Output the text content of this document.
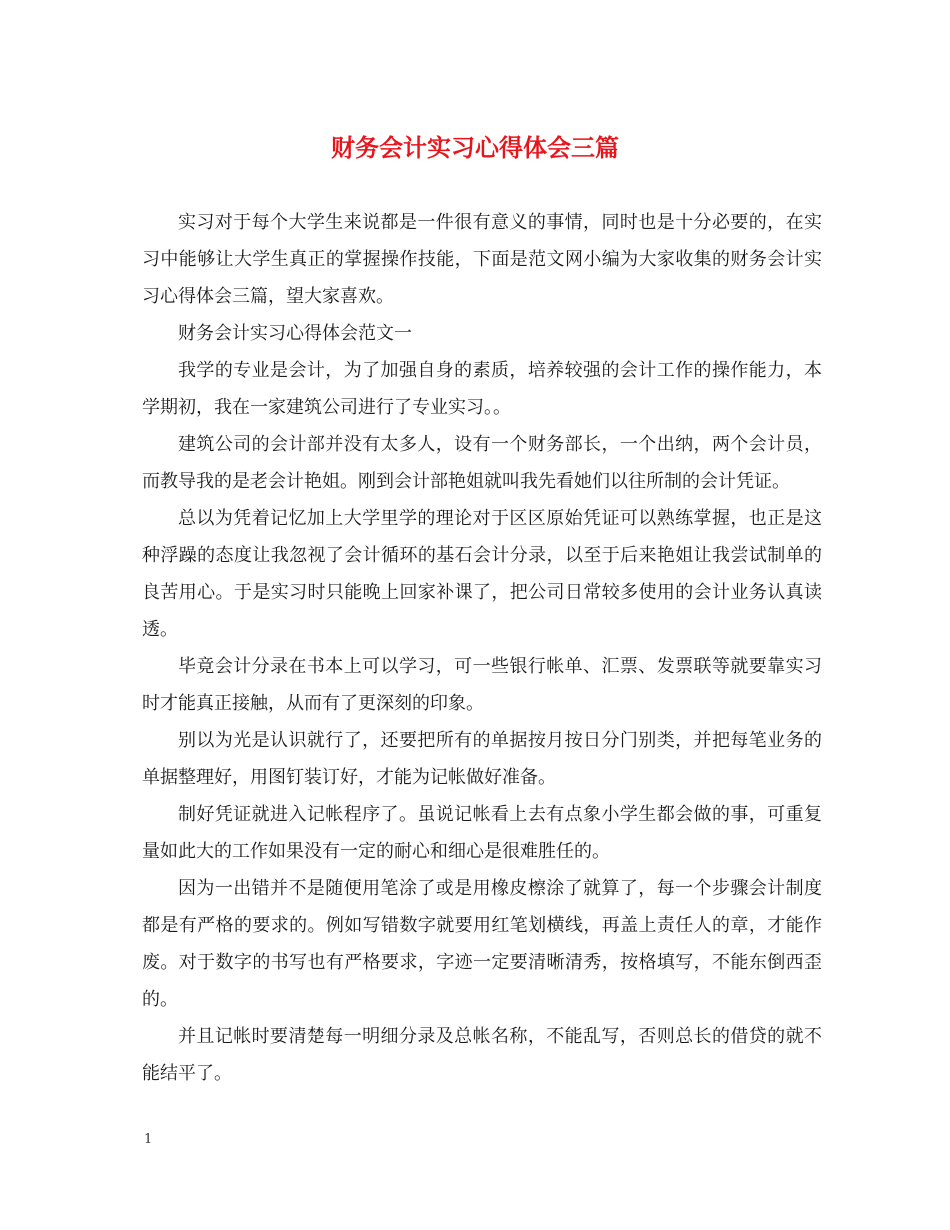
财务会计实习心得体会三篇

实习对于每个大学生来说都是一件很有意义的事情，同时也是十分必要的，在实习中能够让大学生真正的掌握操作技能，下面是范文网小编为大家收集的财务会计实习心得体会三篇，望大家喜欢。

财务会计实习心得体会范文一

我学的专业是会计，为了加强自身的素质，培养较强的会计工作的操作能力，本学期初，我在一家建筑公司进行了专业实习。。

建筑公司的会计部并没有太多人，设有一个财务部长，一个出纳，两个会计员，而教导我的是老会计艳姐。刚到会计部艳姐就叫我先看她们以往所制的会计凭证。

总以为凭着记忆加上大学里学的理论对于区区原始凭证可以熟练掌握，也正是这种浮躁的态度让我忽视了会计循环的基石会计分录，以至于后来艳姐让我尝试制单的良苦用心。于是实习时只能晚上回家补课了，把公司日常较多使用的会计业务认真读透。

毕竟会计分录在书本上可以学习，可一些银行帐单、汇票、发票联等就要靠实习时才能真正接触，从而有了更深刻的印象。

别以为光是认识就行了，还要把所有的单据按月按日分门别类，并把每笔业务的单据整理好，用图钉装订好，才能为记帐做好准备。

制好凭证就进入记帐程序了。虽说记帐看上去有点象小学生都会做的事，可重复量如此大的工作如果没有一定的耐心和细心是很难胜任的。

因为一出错并不是随便用笔涂了或是用橡皮檫涂了就算了，每一个步骤会计制度都是有严格的要求的。例如写错数字就要用红笔划横线，再盖上责任人的章，才能作废。对于数字的书写也有严格要求，字迹一定要清晰清秀，按格填写，不能东倒西歪的。

并且记帐时要清楚每一明细分录及总帐名称，不能乱写，否则总长的借贷的就不能结平了。

1
